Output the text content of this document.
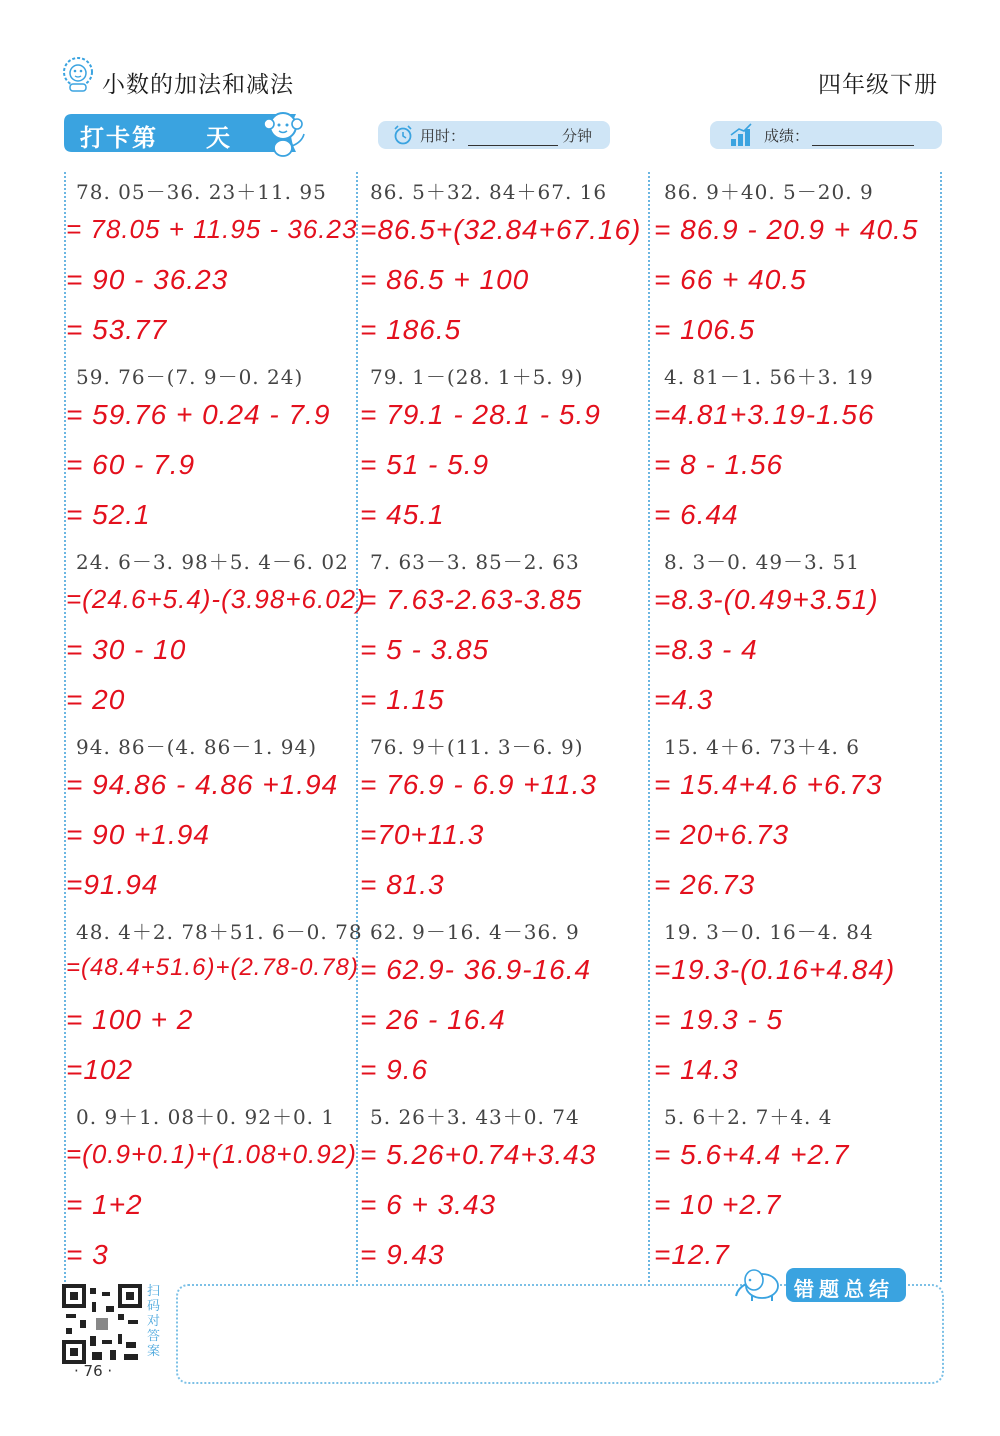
小数的加法和减法	四年级下册
打卡第 天	用时：	分钟	成绩：
78. 05－36. 23＋11. 95
= 78.05 + 11.95 - 36.23
= 90 - 36.23
= 53.77
86. 5＋32. 84＋67. 16
=86.5+(32.84+67.16)
= 86.5 + 100
= 186.5
86. 9＋40. 5－20. 9
= 86.9 - 20.9 + 40.5
= 66 + 40.5
= 106.5
59. 76－(7. 9－0. 24)
= 59.76 + 0.24 - 7.9
= 60 - 7.9
= 52.1
79. 1－(28. 1＋5. 9)
= 79.1 - 28.1 - 5.9
= 51 - 5.9
= 45.1
4. 81－1. 56＋3. 19
=4.81+3.19-1.56
= 8 - 1.56
= 6.44
24. 6－3. 98＋5. 4－6. 02
=(24.6+5.4)-(3.98+6.02)
= 30 - 10
= 20
7. 63－3. 85－2. 63
= 7.63-2.63-3.85
= 5 - 3.85
= 1.15
8. 3－0. 49－3. 51
=8.3-(0.49+3.51)
=8.3 - 4
=4.3
94. 86－(4. 86－1. 94)
= 94.86 - 4.86 +1.94
= 90 +1.94
=91.94
76. 9＋(11. 3－6. 9)
= 76.9 - 6.9 +11.3
=70+11.3
= 81.3
15. 4＋6. 73＋4. 6
= 15.4+4.6 +6.73
= 20+6.73
= 26.73
48. 4＋2. 78＋51. 6－0. 78
=(48.4+51.6)+(2.78-0.78)
= 100 + 2
=102
62. 9－16. 4－36. 9
= 62.9- 36.9-16.4
= 26 - 16.4
= 9.6
19. 3－0. 16－4. 84
=19.3-(0.16+4.84)
= 19.3 - 5
= 14.3
0. 9＋1. 08＋0. 92＋0. 1
=(0.9+0.1)+(1.08+0.92)
= 1+2
= 3
5. 26＋3. 43＋0. 74
= 5.26+0.74+3.43
= 6 + 3.43
= 9.43
5. 6＋2. 7＋4. 4
= 5.6+4.4 +2.7
= 10 +2.7
=12.7
扫码对答案
· 76 ·
错题总结
